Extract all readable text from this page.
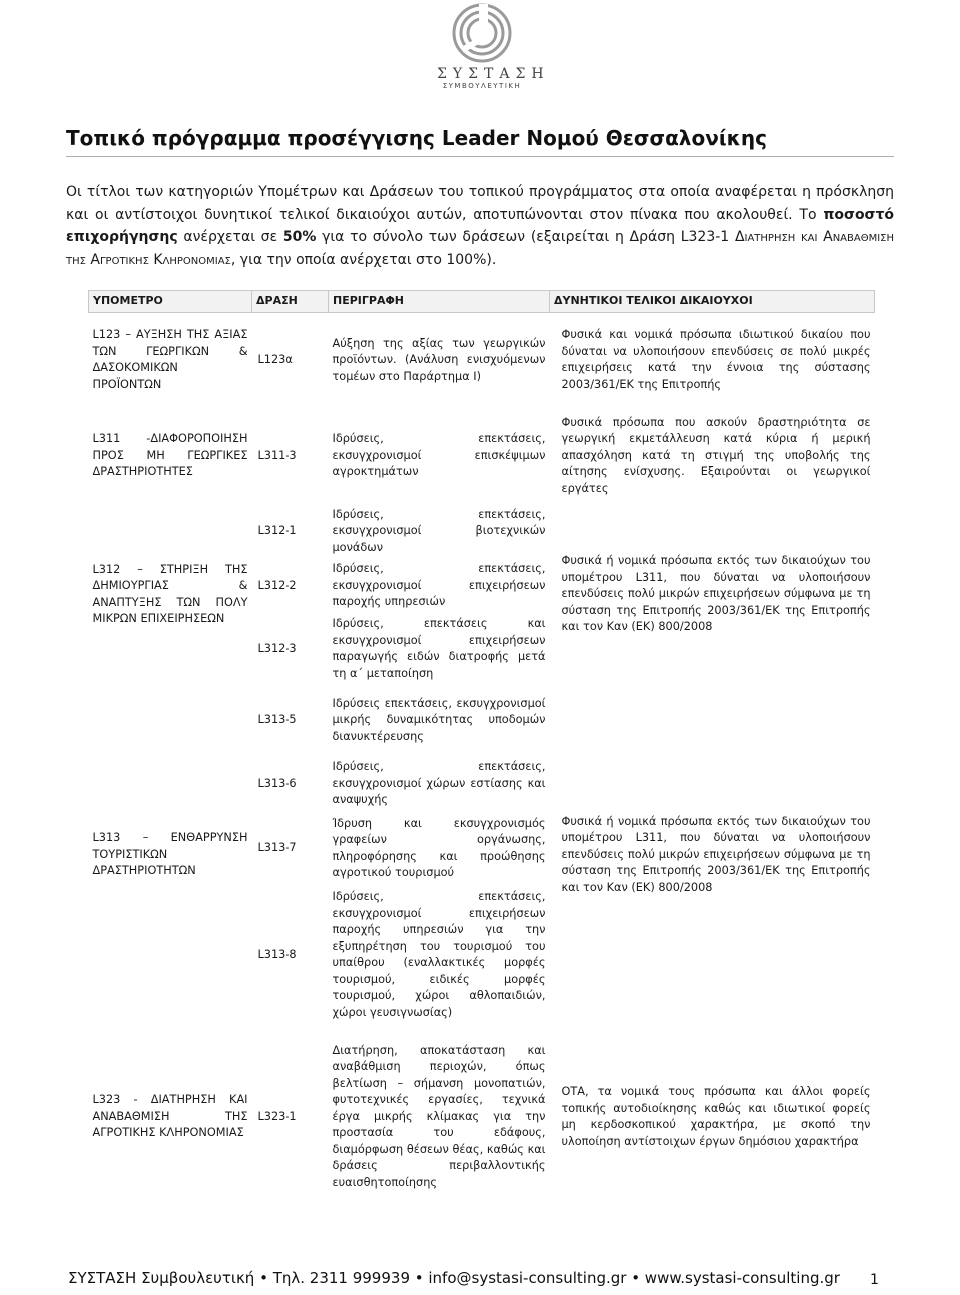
ΣΥΣΤΑΣΗ
ΣΥΜΒΟΥΛΕΥΤΙΚΗ
Τοπικό πρόγραμμα προσέγγισης Leader Νομού Θεσσαλονίκης
Οι τίτλοι των κατηγοριών Υπομέτρων και Δράσεων του τοπικού προγράμματος στα οποία αναφέρεται η πρόσκληση και οι αντίστοιχοι δυνητικοί τελικοί δικαιούχοι αυτών, αποτυπώνονται στον πίνακα που ακολουθεί. Το ποσοστό επιχορήγησης ανέρχεται σε 50% για το σύνολο των δράσεων (εξαιρείται η Δράση L323-1 Διατηρηση και Αναβαθμιση της Αγροτικης Κληρονομιας, για την οποία ανέρχεται στο 100%).
ΥΠΟΜΕΤΡΟ	ΔΡΑΣΗ	ΠΕΡΙΓΡΑΦΗ	ΔΥΝΗΤΙΚΟΙ ΤΕΛΙΚΟΙ ΔΙΚΑΙΟΥΧΟΙ
L123 – ΑΥΞΗΣΗ ΤΗΣ ΑΞΙΑΣ ΤΩΝ ΓΕΩΡΓΙΚΩΝ & ΔΑΣΟΚΟΜΙΚΩΝ ΠΡΟΪΟΝΤΩΝ	L123α	Αύξηση της αξίας των γεωργικών προϊόντων. (Ανάλυση ενισχυόμενων τομέων στο Παράρτημα Ι)	Φυσικά και νομικά πρόσωπα ιδιωτικού δικαίου που δύναται να υλοποιήσουν επενδύσεις σε πολύ μικρές επιχειρήσεις κατά την έννοια της σύστασης 2003/361/ΕΚ της Επιτροπής
L311 -ΔΙΑΦΟΡΟΠΟΙΗΣΗ ΠΡΟΣ ΜΗ ΓΕΩΡΓΙΚΕΣ ΔΡΑΣΤΗΡΙΟΤΗΤΕΣ	L311-3	Ιδρύσεις, επεκτάσεις, εκσυγχρονισμοί επισκέψιμων αγροκτημάτων	Φυσικά πρόσωπα που ασκούν δραστηριότητα σε γεωργική εκμετάλλευση κατά κύρια ή μερική απασχόληση κατά τη στιγμή της υποβολής της αίτησης ενίσχυσης. Εξαιρούνται οι γεωργικοί εργάτες
L312 – ΣΤΗΡΙΞΗ ΤΗΣ ΔΗΜΙΟΥΡΓΙΑΣ & ΑΝΑΠΤΥΞΗΣ ΤΩΝ ΠΟΛΥ ΜΙΚΡΩΝ ΕΠΙΧΕΙΡΗΣΕΩΝ	L312-1	Ιδρύσεις, επεκτάσεις, εκσυγχρονισμοί βιοτεχνικών μονάδων	Φυσικά ή νομικά πρόσωπα εκτός των δικαιούχων του υπομέτρου L311, που δύναται να υλοποιήσουν επενδύσεις πολύ μικρών επιχειρήσεων σύμφωνα με τη σύσταση της Επιτροπής 2003/361/ΕΚ της Επιτροπής και τον Καν (ΕΚ) 800/2008
	L312-2	Ιδρύσεις, επεκτάσεις, εκσυγχρονισμοί επιχειρήσεων παροχής υπηρεσιών	
	L312-3	Ιδρύσεις, επεκτάσεις και εκσυγχρονισμοί επιχειρήσεων παραγωγής ειδών διατροφής μετά τη α΄ μεταποίηση	
L313 – ΕΝΘΑΡΡΥΝΣΗ ΤΟΥΡΙΣΤΙΚΩΝ ΔΡΑΣΤΗΡΙΟΤΗΤΩΝ	L313-5	Ιδρύσεις επεκτάσεις, εκσυγχρονισμοί μικρής δυναμικότητας υποδομών διανυκτέρευσης	Φυσικά ή νομικά πρόσωπα εκτός των δικαιούχων του υπομέτρου L311, που δύναται να υλοποιήσουν επενδύσεις πολύ μικρών επιχειρήσεων σύμφωνα με τη σύσταση της Επιτροπής 2003/361/ΕΚ της Επιτροπής και τον Καν (ΕΚ) 800/2008
	L313-6	Ιδρύσεις, επεκτάσεις, εκσυγχρονισμοί χώρων εστίασης και αναψυχής	
	L313-7	Ίδρυση και εκσυγχρονισμός γραφείων οργάνωσης, πληροφόρησης και προώθησης αγροτικού τουρισμού	
	L313-8	Ιδρύσεις, επεκτάσεις, εκσυγχρονισμοί επιχειρήσεων παροχής υπηρεσιών για την εξυπηρέτηση του τουρισμού του υπαίθρου (εναλλακτικές μορφές τουρισμού, ειδικές μορφές τουρισμού, χώροι αθλοπαιδιών, χώροι γευσιγνωσίας)	
L323 - ΔΙΑΤΗΡΗΣΗ ΚΑΙ ΑΝΑΒΑΘΜΙΣΗ ΤΗΣ ΑΓΡΟΤΙΚΗΣ ΚΛΗΡΟΝΟΜΙΑΣ	L323-1	Διατήρηση, αποκατάσταση και αναβάθμιση περιοχών, όπως βελτίωση – σήμανση μονοπατιών, φυτοτεχνικές εργασίες, τεχνικά έργα μικρής κλίμακας για την προστασία του εδάφους, διαμόρφωση θέσεων θέας, καθώς και δράσεις περιβαλλοντικής ευαισθητοποίησης	ΟΤΑ, τα νομικά τους πρόσωπα και άλλοι φορείς τοπικής αυτοδιοίκησης καθώς και ιδιωτικοί φορείς μη κερδοσκοπικού χαρακτήρα, με σκοπό την υλοποίηση αντίστοιχων έργων δημόσιου χαρακτήρα
ΣΥΣΤΑΣΗ Συμβουλευτική • Τηλ. 2311 999939 • info@systasi-consulting.gr • www.systasi-consulting.gr 1
